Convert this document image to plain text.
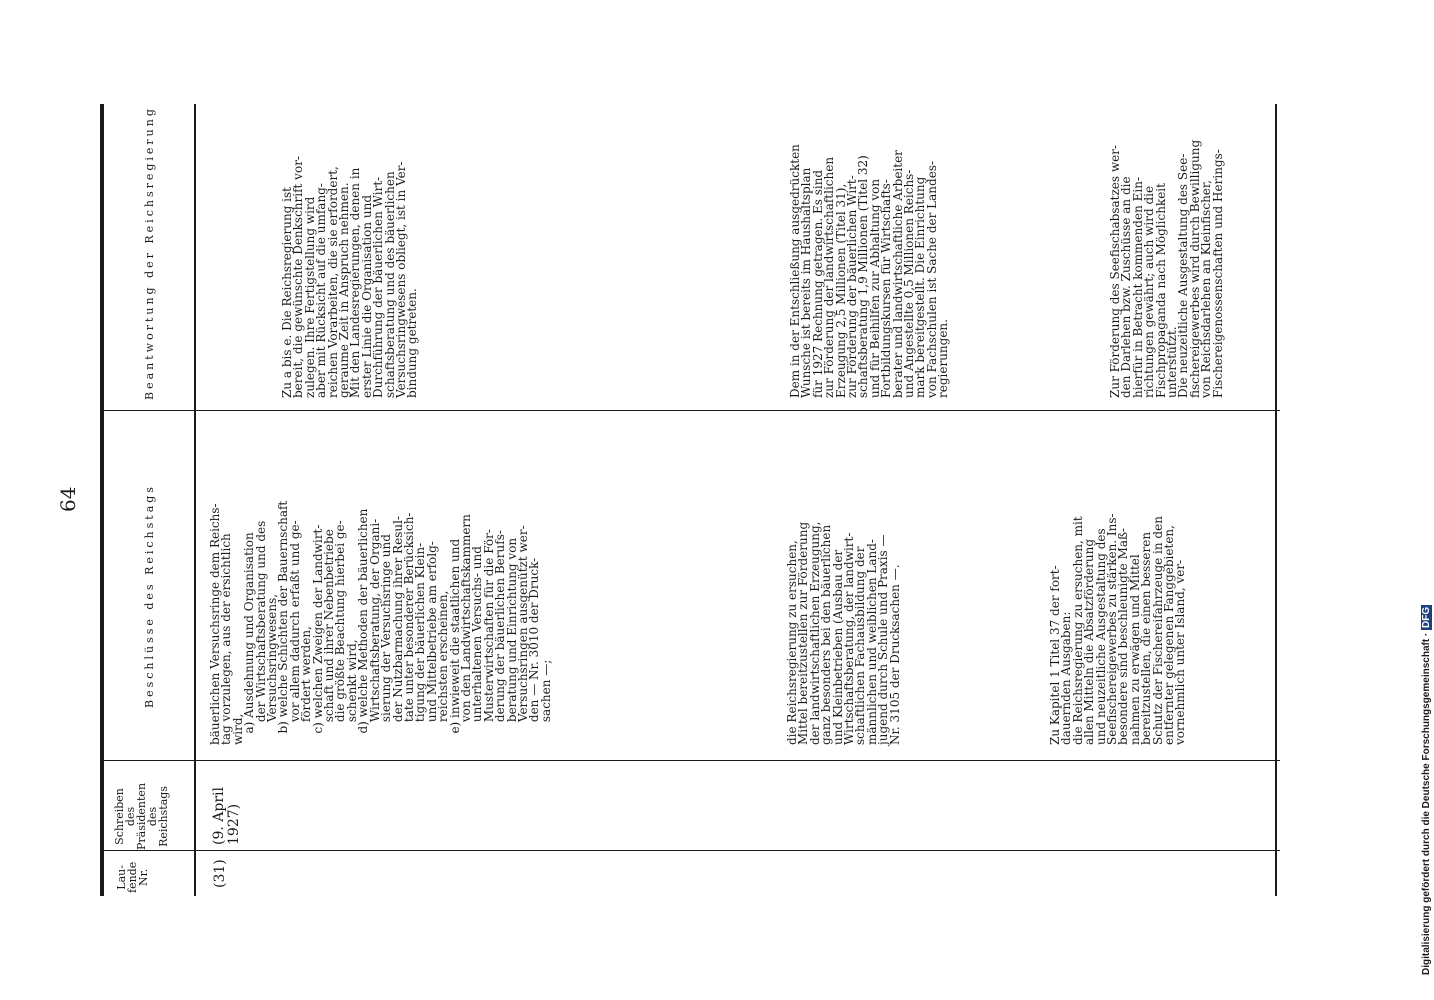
64
Digitalisierung gefördert durch die Deutsche Forschungsgemeinschaft · DFG
Lau-
fende
Nr.
Schreiben
des
Präsidenten
des
Reichstags
Beschlüsse des Reichstags
Beantwortung der Reichsregierung
(31)
(9. April
1927)
bäuerlichen Versuchsringe dem Reichs-
tag vorzulegen, aus der ersichtlich
wird,
a) Ausdehnung und Organisation
der Wirtschaftsberatung und des
Versuchsringwesens,
b) welche Schichten der Bauernschaft
vor allem dadurch erfaßt und ge-
fördert werden,
c) welchen Zweigen der Landwirt-
schaft und ihrer Nebenbetriebe
die größte Beachtung hierbei ge-
schenkt wird,
d) welche Methoden der bäuerlichen
Wirtschaftsberatung, der Organi-
sierung der Versuchsringe und
der Nutzbarmachung ihrer Resul-
tate unter besonderer Berücksich-
tigung der bäuerlichen Klein-
und Mittelbetriebe am erfolg-
reichsten erscheinen,
e) inwieweit die staatlichen und
von den Landwirtschaftskammern
unterhaltenen Versuchs- und
Musterwirtschaften für die För-
derung der bäuerlichen Berufs-
beratung und Einrichtung von
Versuchsringen ausgenützt wer-
den — Nr. 3010 der Druck-
sachen —;
die Reichsregierung zu ersuchen,
Mittel bereitzustellen zur Förderung
der landwirtschaftlichen Erzeugung,
ganz besonders bei den bäuerlichen
und Kleinbetrieben (Ausbau der
Wirtschaftsberatung, der landwirt-
schaftlichen Fachausbildung der
männlichen und weiblichen Land-
jugend durch Schule und Praxis —
Nr. 3105 der Drucksachen —.
Zu Kapitel 1 Titel 37 der fort-
dauernden Ausgaben:
die Reichsregierung zu ersuchen, mit
allen Mitteln die Absatzförderung
und neuzeitliche Ausgestaltung des
Seefischereigewerbes zu stärken. Ins-
besondere sind beschleunigte Maß-
nahmen zu erwägen und Mittel
bereitzustellen, die einen besseren
Schutz der Fischereifahrzeuge in den
entfernter gelegenen Fanggebieten,
vornehmlich unter Island, ver-
Zu a bis e. Die Reichsregierung ist
bereit, die gewünschte Denkschrift vor-
zulegen. Ihre Fertigstellung wird
aber mit Rücksicht auf die umfang-
reichen Vorarbeiten, die sie erfordert,
geraume Zeit in Anspruch nehmen.
Mit den Landesregierungen, denen in
erster Linie die Organisation und
Durchführung der bäuerlichen Wirt-
schaftsberatung und des bäuerlichen
Versuchsringwesens obliegt, ist in Ver-
bindung getreten.
Dem in der Entschließung ausgedrückten
Wunsche ist bereits im Haushaltsplan
für 1927 Rechnung getragen. Es sind
zur Förderung der landwirtschaftlichen
Erzeugung 2,5 Millionen (Titel 31),
zur Förderung der bäuerlichen Wirt-
schaftsberatung 1,9 Millionen (Titel 32)
und für Beihilfen zur Abhaltung von
Fortbildungskursen für Wirtschafts-
berater und landwirtschaftliche Arbeiter
und Angestellte 0,5 Millionen Reichs-
mark bereitgestellt. Die Einrichtung
von Fachschulen ist Sache der Landes-
regierungen.	Zur Förderung des Seefischabsatzes wer-
den Darlehen bzw. Zuschüsse an die
hierfür in Betracht kommenden Ein-
richtungen gewährt; auch wird die
Fischpropaganda nach Möglichkeit
unterstützt.
Die neuzeitliche Ausgestaltung des See-
fischereigewerbes wird durch Bewilligung
von Reichsdarlehen an Kleinfischer,
Fischereigenossenschaften und Herings-
